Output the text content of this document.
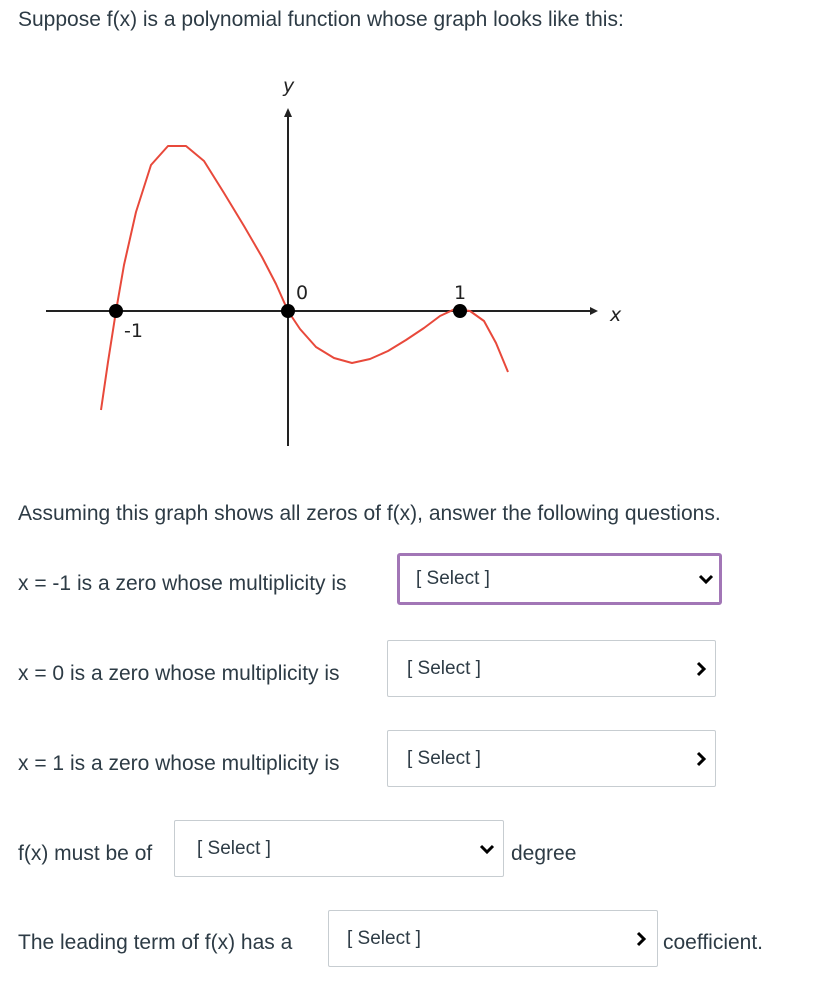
Suppose f(x) is a polynomial function whose graph looks like this:
y
x
-1
0	1
Assuming this graph shows all zeros of f(x), answer the following questions.
x = -1 is a zero whose multiplicity is	[ Select ]
x = 0 is a zero whose multiplicity is	[ Select ]
x = 1 is a zero whose multiplicity is	[ Select ]
f(x) must be of [ Select ]	degree
The leading term of f(x) has a	[ Select ]	coefficient.
